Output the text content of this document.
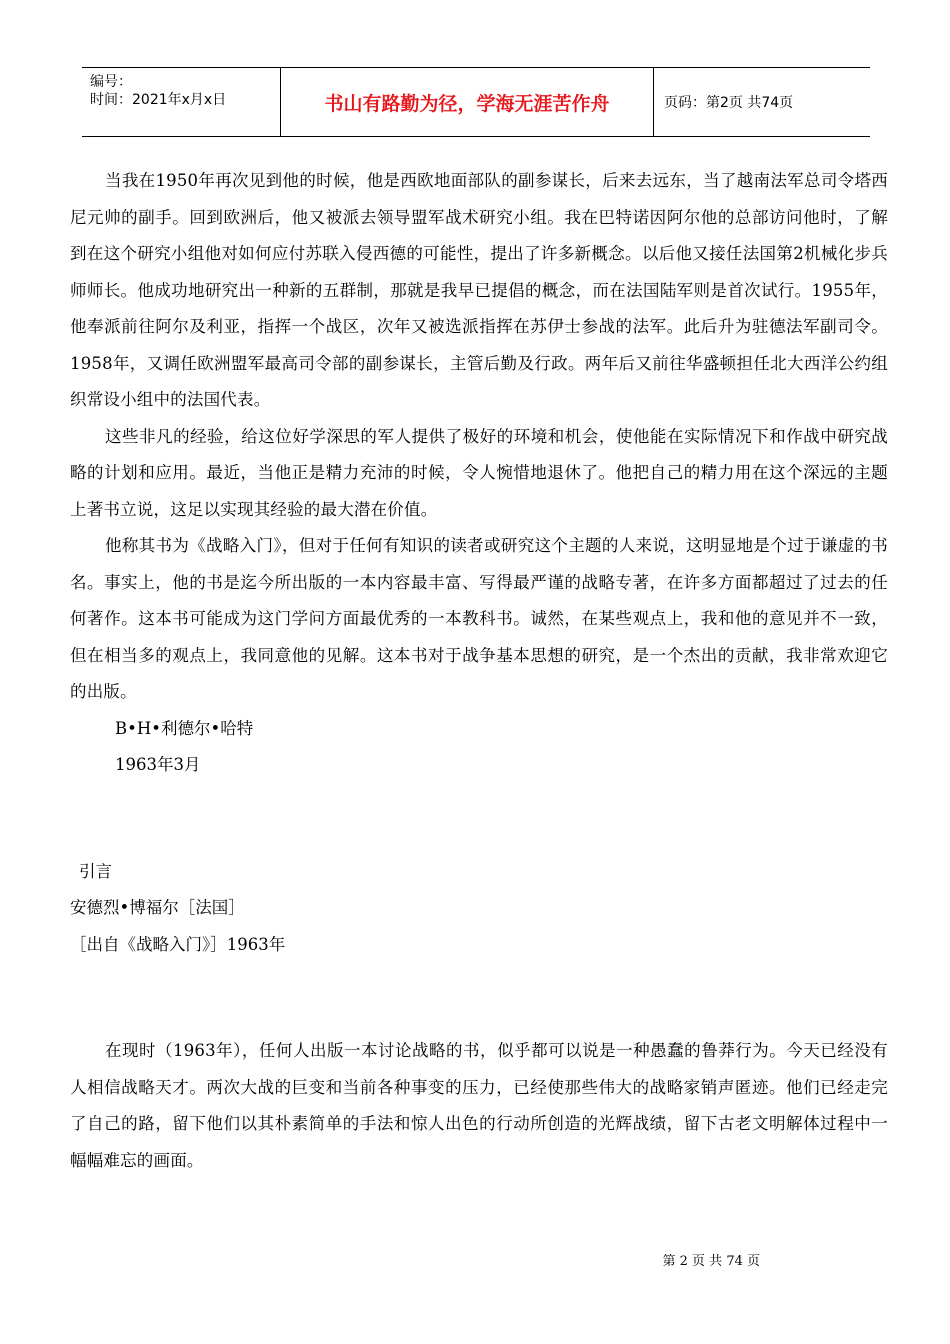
编号：
时间：2021年x月x日	书山有路勤为径，学海无涯苦作舟	页码：第2页 共74页

当我在1950年再次见到他的时候，他是西欧地面部队的副参谋长，后来去远东，当了越南法军总司令塔西尼元帅的副手。回到欧洲后，他又被派去领导盟军战术研究小组。我在巴特诺因阿尔他的总部访问他时，了解到在这个研究小组他对如何应付苏联入侵西德的可能性，提出了许多新概念。以后他又接任法国第2机械化步兵师师长。他成功地研究出一种新的五群制，那就是我早已提倡的概念，而在法国陆军则是首次试行。1955年，他奉派前往阿尔及利亚，指挥一个战区，次年又被选派指挥在苏伊士参战的法军。此后升为驻德法军副司令。1958年，又调任欧洲盟军最高司令部的副参谋长，主管后勤及行政。两年后又前往华盛顿担任北大西洋公约组织常设小组中的法国代表。

这些非凡的经验，给这位好学深思的军人提供了极好的环境和机会，使他能在实际情况下和作战中研究战略的计划和应用。最近，当他正是精力充沛的时候，令人惋惜地退休了。他把自己的精力用在这个深远的主题上著书立说，这足以实现其经验的最大潜在价值。

他称其书为《战略入门》，但对于任何有知识的读者或研究这个主题的人来说，这明显地是个过于谦虚的书名。事实上，他的书是迄今所出版的一本内容最丰富、写得最严谨的战略专著，在许多方面都超过了过去的任何著作。这本书可能成为这门学问方面最优秀的一本教科书。诚然，在某些观点上，我和他的意见并不一致，但在相当多的观点上，我同意他的见解。这本书对于战争基本思想的研究，是一个杰出的贡献，我非常欢迎它的出版。

B•H•利德尔•哈特

1963年3月

引言

安德烈•博福尔［法国］

［出自《战略入门》］1963年

在现时（1963年），任何人出版一本讨论战略的书，似乎都可以说是一种愚蠢的鲁莽行为。今天已经没有人相信战略天才。两次大战的巨变和当前各种事变的压力，已经使那些伟大的战略家销声匿迹。他们已经走完了自己的路，留下他们以其朴素简单的手法和惊人出色的行动所创造的光辉战绩，留下古老文明解体过程中一幅幅难忘的画面。

第 2 页 共 74 页
